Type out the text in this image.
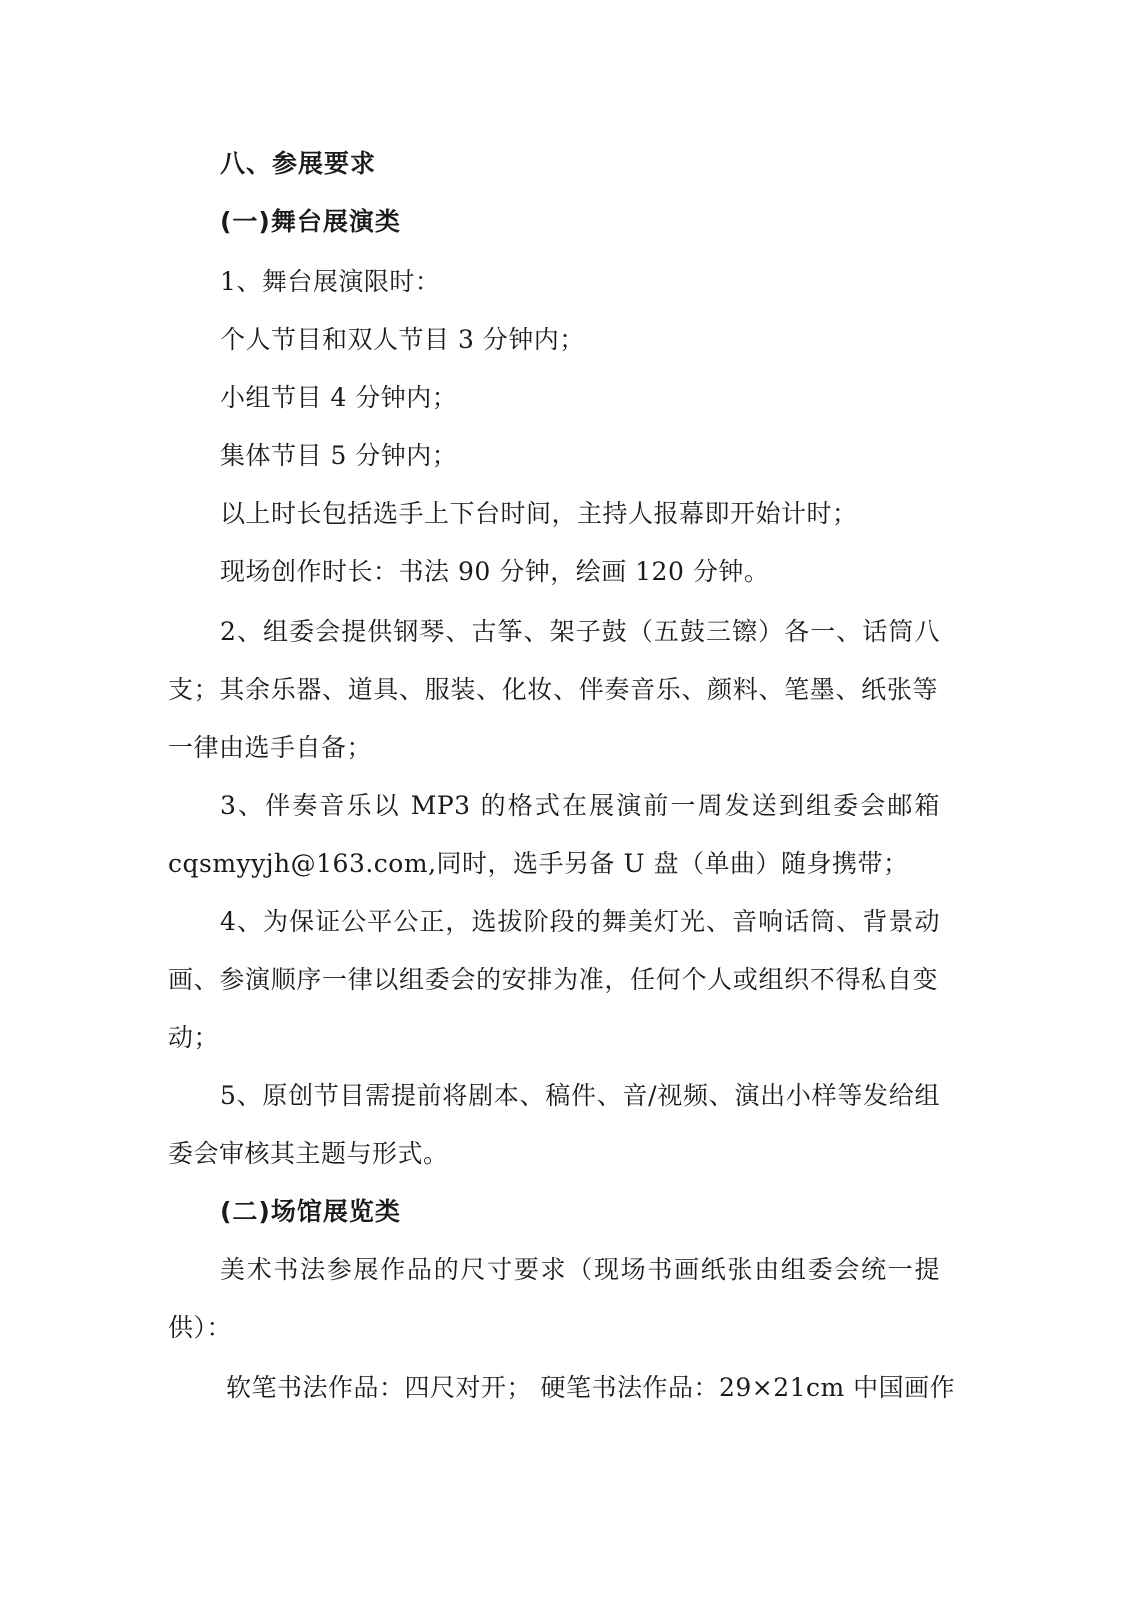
八、参展要求
(一)舞台展演类
1、舞台展演限时：
个人节目和双人节目 3 分钟内；
小组节目 4 分钟内；
集体节目 5 分钟内；
以上时长包括选手上下台时间，主持人报幕即开始计时；
现场创作时长：书法 90 分钟，绘画 120 分钟。
2、组委会提供钢琴、古筝、架子鼓（五鼓三镲）各一、话筒八
支；其余乐器、道具、服装、化妆、伴奏音乐、颜料、笔墨、纸张等
一律由选手自备；
3、伴奏音乐以 MP3 的格式在展演前一周发送到组委会邮箱
cqsmyyjh@163.com,同时，选手另备 U 盘（单曲）随身携带；
4、为保证公平公正，选拔阶段的舞美灯光、音响话筒、背景动
画、参演顺序一律以组委会的安排为准，任何个人或组织不得私自变
动；
5、原创节目需提前将剧本、稿件、音/视频、演出小样等发给组
委会审核其主题与形式。
(二)场馆展览类
美术书法参展作品的尺寸要求（现场书画纸张由组委会统一提
供）：
软笔书法作品：四尺对开； 硬笔书法作品：29×21cm 中国画作
